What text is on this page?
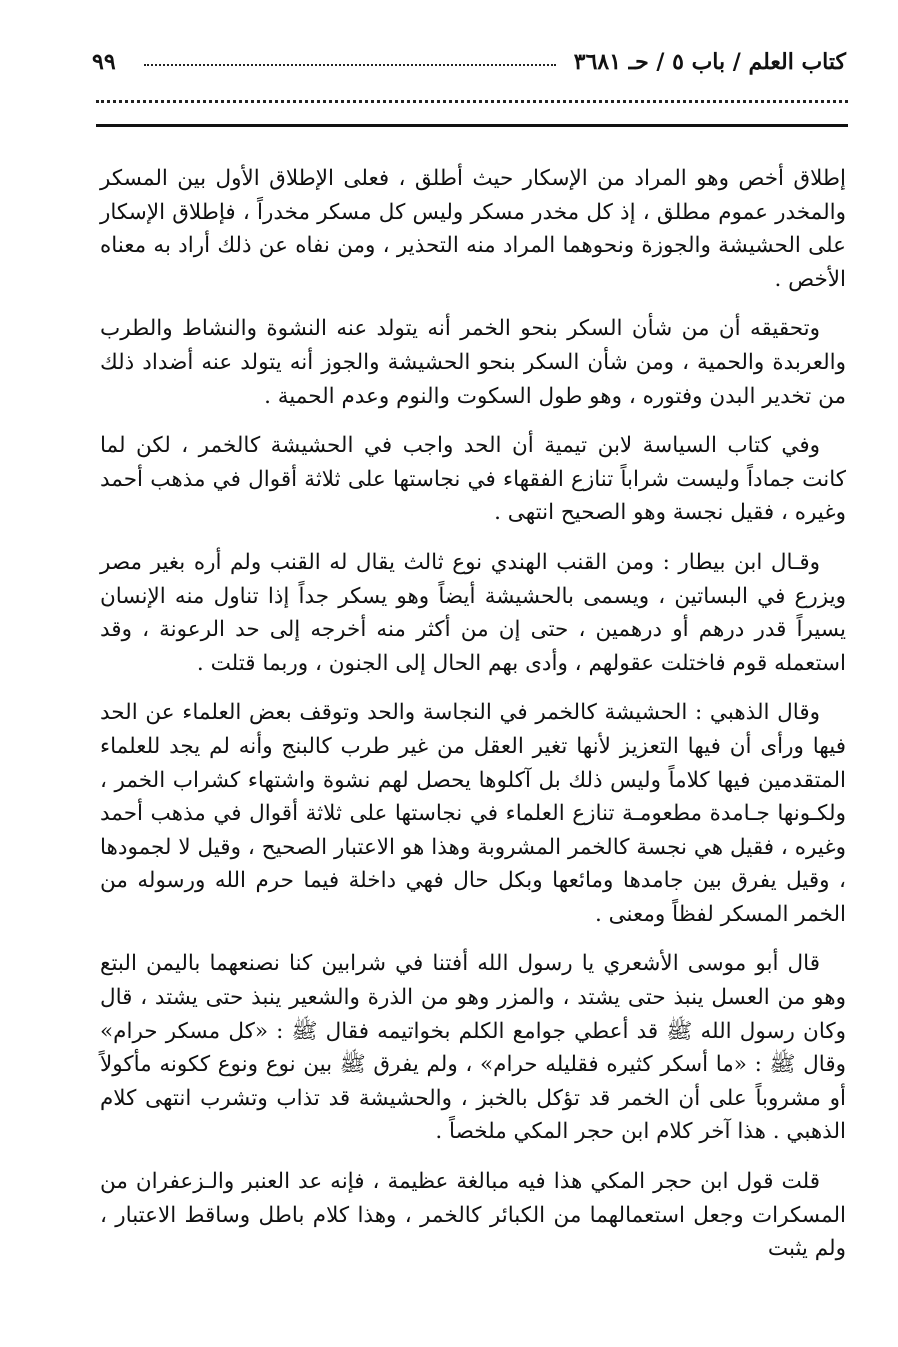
كتاب العلم / باب ٥ / حـ ٣٦٨١
٩٩

إطلاق أخص وهو المراد من الإسكار حيث أطلق ، فعلى الإطلاق الأول بين المسكر والمخدر عموم مطلق ، إذ كل مخدر مسكر وليس كل مسكر مخدراً ، فإطلاق الإسكار على الحشيشة والجوزة ونحوهما المراد منه التحذير ، ومن نفاه عن ذلك أراد به معناه الأخص .

وتحقيقه أن من شأن السكر بنحو الخمر أنه يتولد عنه النشوة والنشاط والطرب والعربدة والحمية ، ومن شأن السكر بنحو الحشيشة والجوز أنه يتولد عنه أضداد ذلك من تخدير البدن وفتوره ، وهو طول السكوت والنوم وعدم الحمية .

وفي كتاب السياسة لابن تيمية أن الحد واجب في الحشيشة كالخمر ، لكن لما كانت جماداً وليست شراباً تنازع الفقهاء في نجاستها على ثلاثة أقوال في مذهب أحمد وغيره ، فقيل نجسة وهو الصحيح انتهى .

وقـال ابن بيطار : ومن القنب الهندي نوع ثالث يقال له القنب ولم أره بغير مصر ويزرع في البساتين ، ويسمى بالحشيشة أيضاً وهو يسكر جداً إذا تناول منه الإنسان يسيراً قدر درهم أو درهمين ، حتى إن من أكثر منه أخرجه إلى حد الرعونة ، وقد استعمله قوم فاختلت عقولهم ، وأدى بهم الحال إلى الجنون ، وربما قتلت .

وقال الذهبي : الحشيشة كالخمر في النجاسة والحد وتوقف بعض العلماء عن الحد فيها ورأى أن فيها التعزيز لأنها تغير العقل من غير طرب كالبنج وأنه لم يجد للعلماء المتقدمين فيها كلاماً وليس ذلك بل آكلوها يحصل لهم نشوة واشتهاء كشراب الخمر ، ولكـونها جـامدة مطعومـة تنازع العلماء في نجاستها على ثلاثة أقوال في مذهب أحمد وغيره ، فقيل هي نجسة كالخمر المشروبة وهذا هو الاعتبار الصحيح ، وقيل لا لجمودها ، وقيل يفرق بين جامدها ومائعها وبكل حال فهي داخلة فيما حرم الله ورسوله من الخمر المسكر لفظاً ومعنى .

قال أبو موسى الأشعري يا رسول الله أفتنا في شرابين كنا نصنعهما باليمن البتع وهو من العسل ينبذ حتى يشتد ، والمزر وهو من الذرة والشعير ينبذ حتى يشتد ، قال وكان رسول الله ﷺ قد أعطي جوامع الكلم بخواتيمه فقال ﷺ : «كل مسكر حرام» وقال ﷺ : «ما أسكر كثيره فقليله حرام» ، ولم يفرق ﷺ بين نوع ونوع ككونه مأكولاً أو مشروباً على أن الخمر قد تؤكل بالخبز ، والحشيشة قد تذاب وتشرب انتهى كلام الذهبي . هذا آخر كلام ابن حجر المكي ملخصاً .

قلت قول ابن حجر المكي هذا فيه مبالغة عظيمة ، فإنه عد العنبر والـزعفران من المسكرات وجعل استعمالهما من الكبائر كالخمر ، وهذا كلام باطل وساقط الاعتبار ، ولم يثبت
